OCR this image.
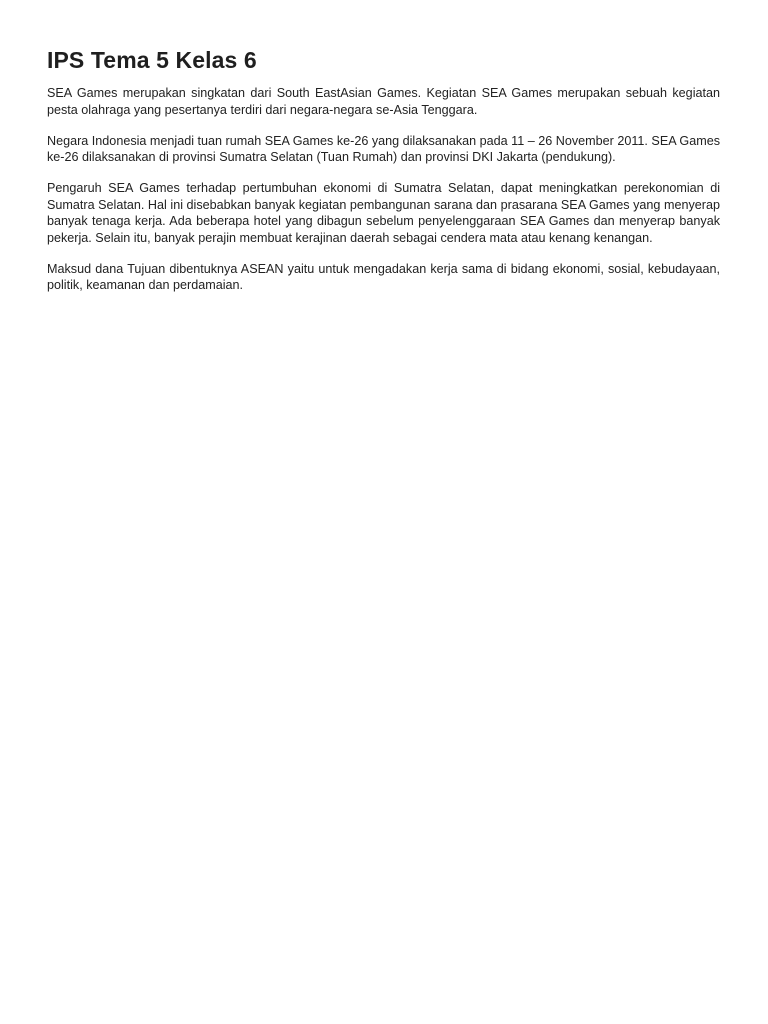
IPS Tema 5 Kelas 6

SEA Games merupakan singkatan dari South EastAsian Games. Kegiatan SEA Games merupakan sebuah kegiatan pesta olahraga yang pesertanya terdiri dari negara-negara se-Asia Tenggara.

Negara Indonesia menjadi tuan rumah SEA Games ke-26 yang dilaksanakan pada 11 – 26 November 2011. SEA Games ke-26 dilaksanakan di provinsi Sumatra Selatan (Tuan Rumah) dan provinsi DKI Jakarta (pendukung).

Pengaruh SEA Games terhadap pertumbuhan ekonomi di Sumatra Selatan, dapat meningkatkan perekonomian di Sumatra Selatan. Hal ini disebabkan banyak kegiatan pembangunan sarana dan prasarana SEA Games yang menyerap banyak tenaga kerja. Ada beberapa hotel yang dibagun sebelum penyelenggaraan SEA Games dan menyerap banyak pekerja. Selain itu, banyak perajin membuat kerajinan daerah sebagai cendera mata atau kenang kenangan.

Maksud dana Tujuan dibentuknya ASEAN yaitu untuk mengadakan kerja sama di bidang ekonomi, sosial, kebudayaan, politik, keamanan dan perdamaian.
